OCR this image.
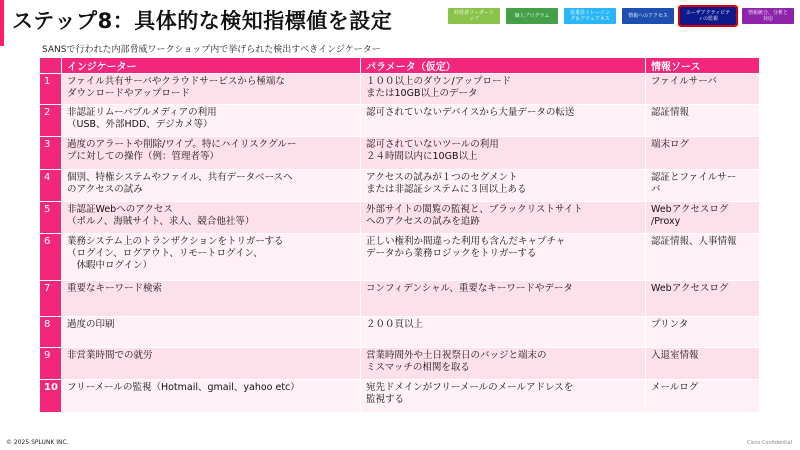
ステップ8：具体的な検知指標値を設定	経営者リーダーシップ	個人プログラム	従業員トレーニング＆アウェアネス	情報へのアクセス	ユーザアクティビティの監視
情報統合、分析と対応
SANSで行われた内部脅威ワークショップ内で挙げられた検出すべきインジケーター
	インジケーター	パラメータ（仮定）	情報ソース
1	ファイル共有サーバやクラウドサービスから極端な
ダウンロードやアップロード	１００以上のダウン/アップロード
または10GB以上のデータ	ファイルサーバ
2	非認証リムーバブルメディアの利用
（USB、外部HDD、デジカメ等）	認可されていないデバイスから大量データの転送	認証情報
3	過度のアラートや削除/ワイプ。特にハイリスクグルー
プに対しての操作（例：管理者等）	認可されていないツールの利用
２４時間以内に10GB以上	端末ログ
4	個別、特権システムやファイル、共有データベースへ
のアクセスの試み	アクセスの試みが１つのセグメント
または非認証システムに３回以上ある	認証とファイルサー
バ
5	非認証Webへのアクセス
（ポルノ、海賊サイト、求人、競合他社等）	外部サイトの閲覧の監視と、ブラックリストサイト
へのアクセスの試みを追跡	Webアクセスログ
/Proxy
6	業務システム上のトランザクションをトリガーする
（ログイン、ログアウト、リモートログイン、
　休暇中ログイン）	正しい権利か間違った利用も含んだキャプチャ
データから業務ロジックをトリガーする	認証情報、人事情報
7	重要なキーワード検索	コンフィデンシャル、重要なキーワードやデータ	Webアクセスログ
8	過度の印刷	２００頁以上	プリンタ
9	非営業時間での就労	営業時間外や土日祝祭日のバッジと端末の
ミスマッチの相関を取る	入退室情報
10	フリーメールの監視（Hotmail、gmail、yahoo etc）	宛先ドメインがフリーメールのメールアドレスを
監視する	メールログ
© 2025 SPLUNK INC.	Cisco Confidential
